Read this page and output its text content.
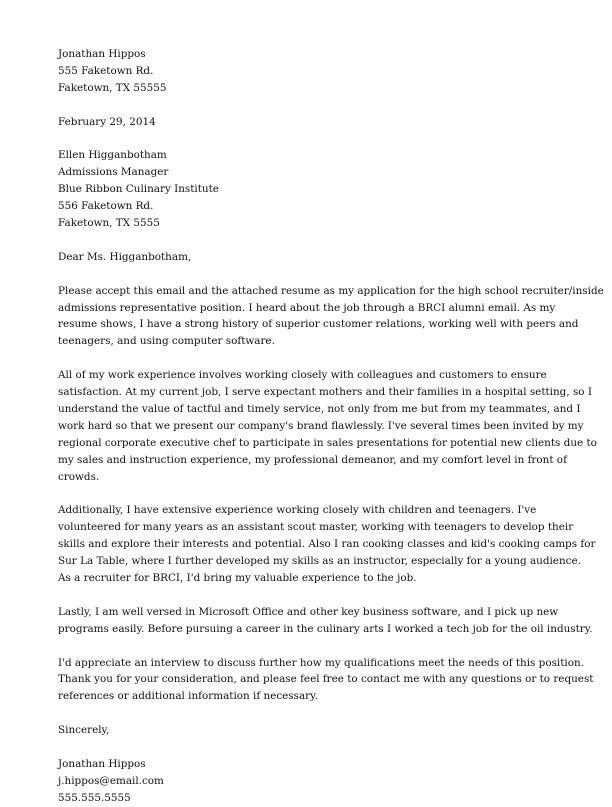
Jonathan Hippos
555 Faketown Rd.
Faketown, TX 55555
February 29, 2014
Ellen Higganbotham
Admissions Manager
Blue Ribbon Culinary Institute
556 Faketown Rd.
Faketown, TX 5555
Dear Ms. Higganbotham,
Please accept this email and the attached resume as my application for the high school recruiter/inside
admissions representative position. I heard about the job through a BRCI alumni email. As my
resume shows, I have a strong history of superior customer relations, working well with peers and
teenagers, and using computer software.
All of my work experience involves working closely with colleagues and customers to ensure
satisfaction. At my current job, I serve expectant mothers and their families in a hospital setting, so I
understand the value of tactful and timely service, not only from me but from my teammates, and I
work hard so that we present our company's brand flawlessly. I've several times been invited by my
regional corporate executive chef to participate in sales presentations for potential new clients due to
my sales and instruction experience, my professional demeanor, and my comfort level in front of
crowds.
Additionally, I have extensive experience working closely with children and teenagers. I've
volunteered for many years as an assistant scout master, working with teenagers to develop their
skills and explore their interests and potential. Also I ran cooking classes and kid's cooking camps for
Sur La Table, where I further developed my skills as an instructor, especially for a young audience.
As a recruiter for BRCI, I'd bring my valuable experience to the job.
Lastly, I am well versed in Microsoft Office and other key business software, and I pick up new
programs easily. Before pursuing a career in the culinary arts I worked a tech job for the oil industry.
I'd appreciate an interview to discuss further how my qualifications meet the needs of this position.
Thank you for your consideration, and please feel free to contact me with any questions or to request
references or additional information if necessary.
Sincerely,
Jonathan Hippos
j.hippos@email.com
555.555.5555
